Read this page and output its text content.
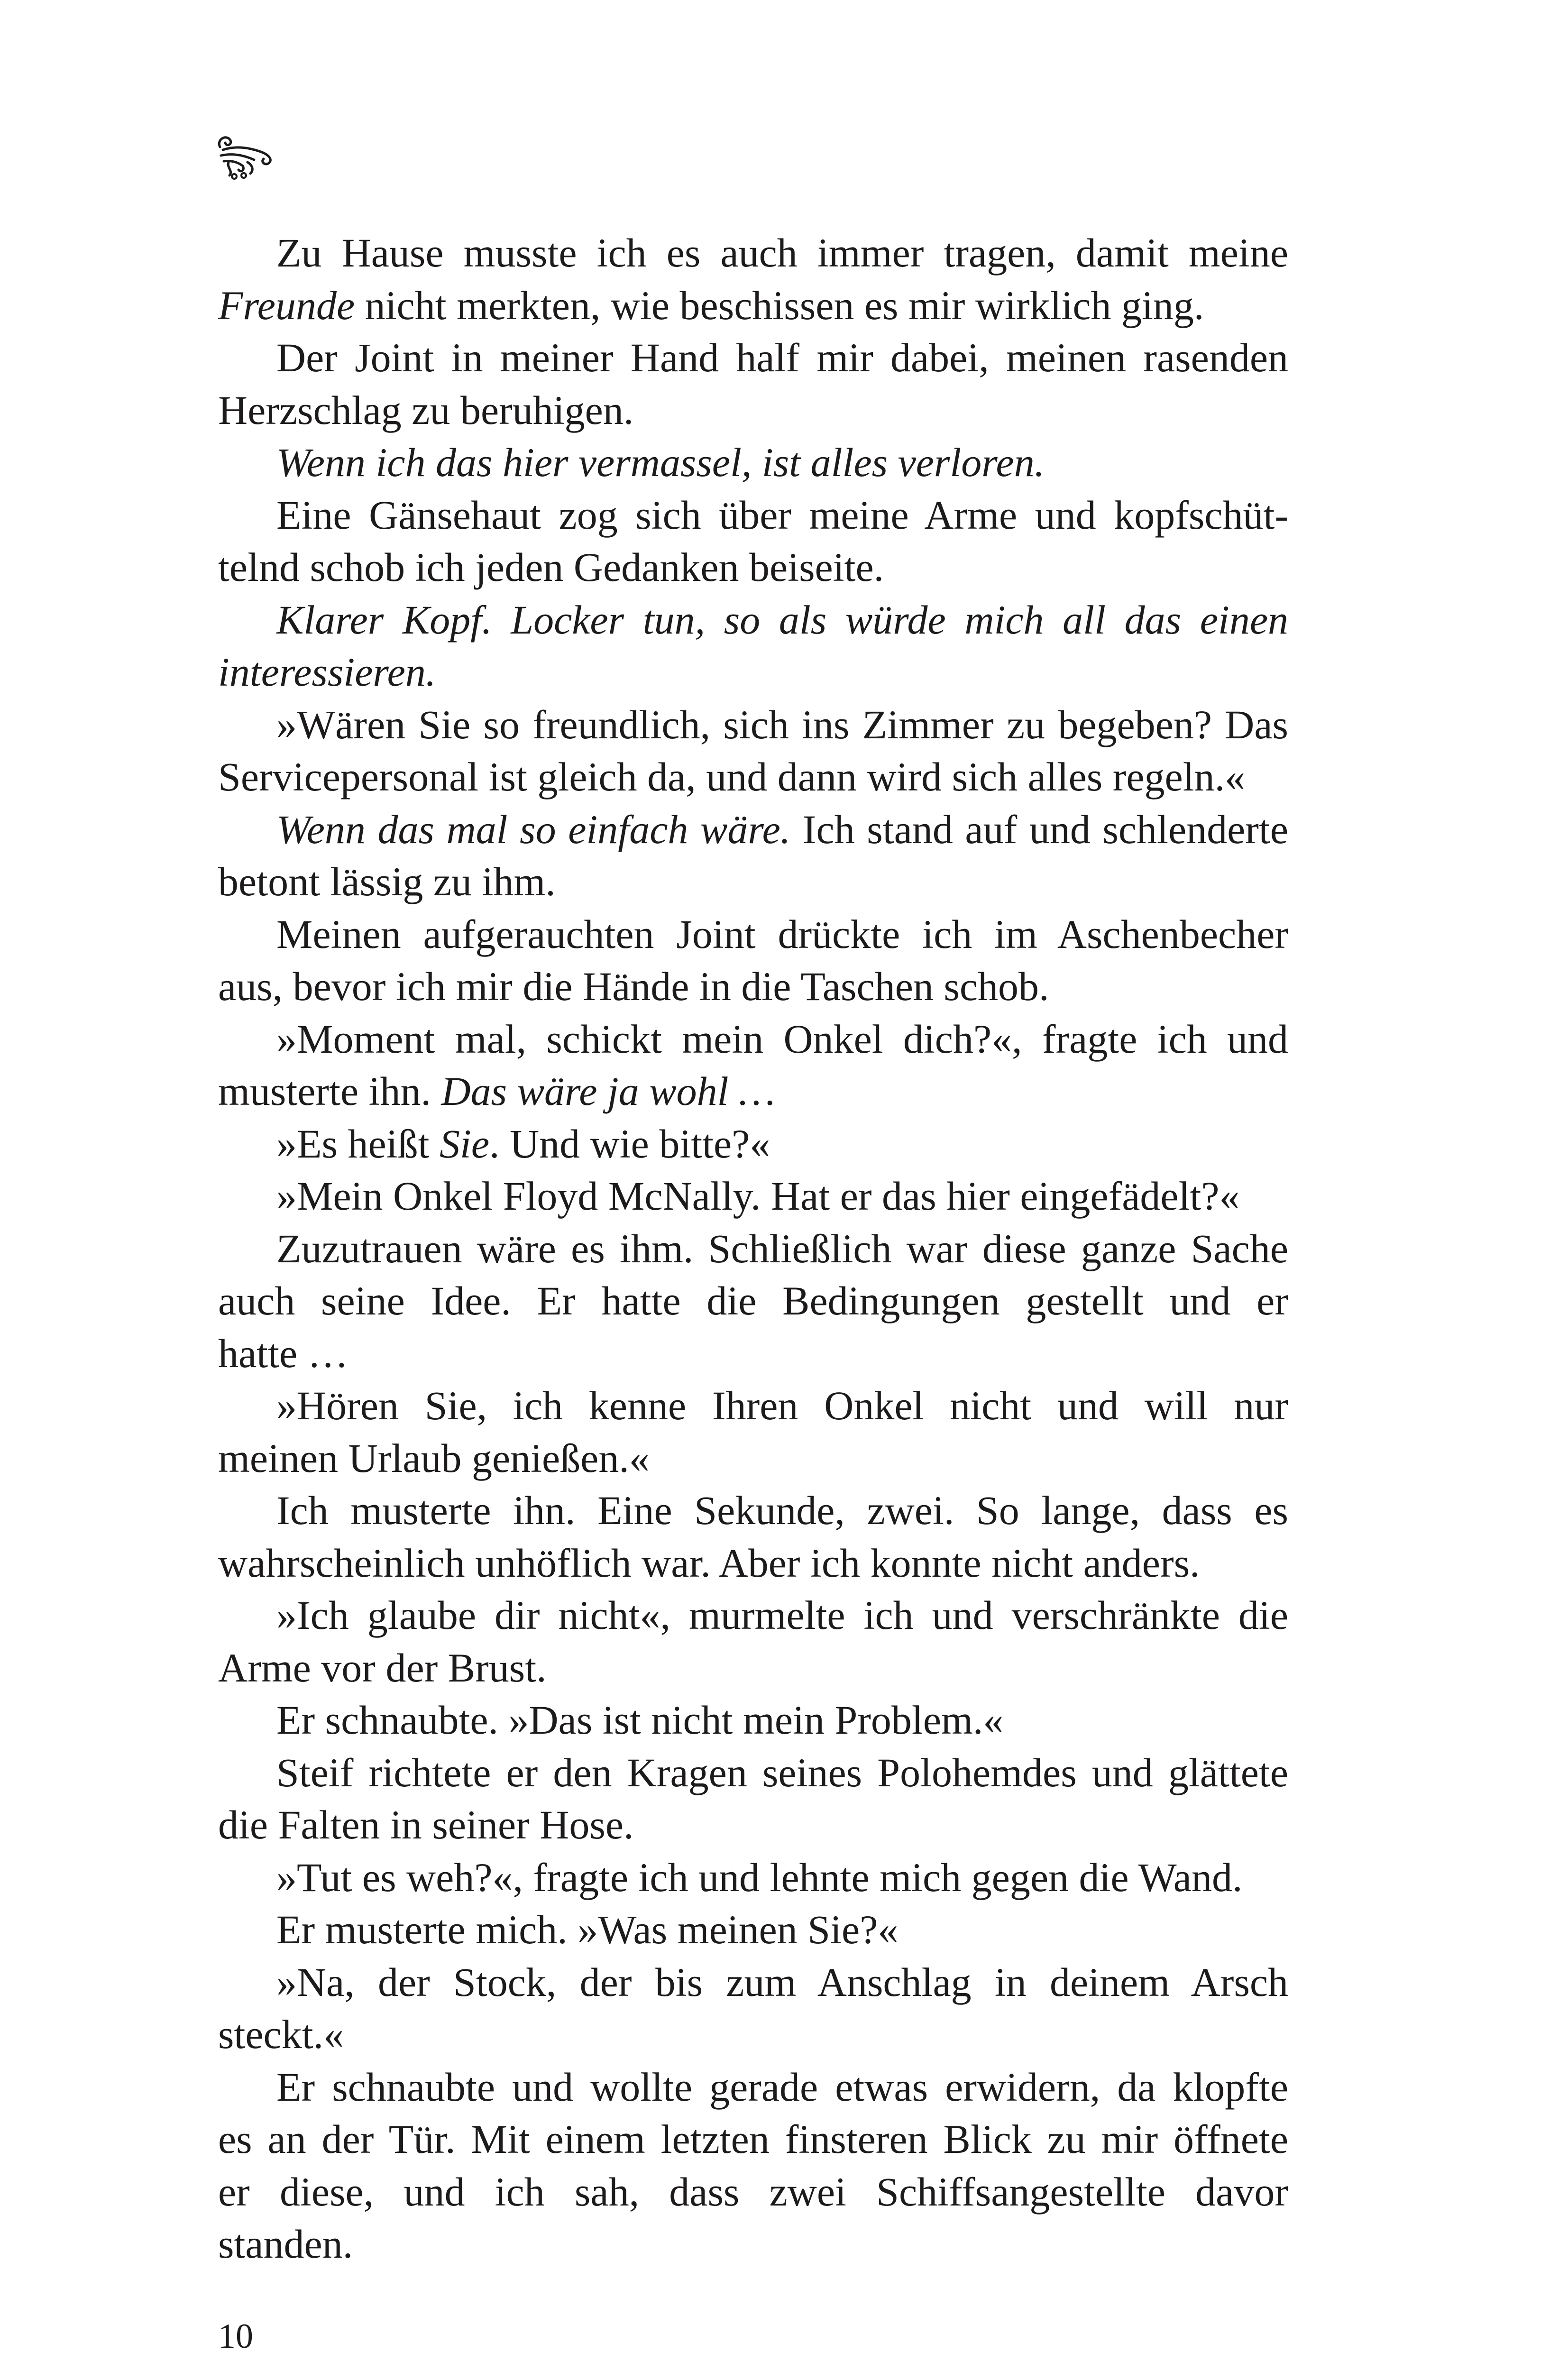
Zu Hause musste ich es auch immer tragen, damit meine
Freunde nicht merkten, wie beschissen es mir wirklich ging.
Der Joint in meiner Hand half mir dabei, meinen rasenden
Herzschlag zu beruhigen.
Wenn ich das hier vermassel, ist alles verloren.
Eine Gänsehaut zog sich über meine Arme und kopfschüt-
telnd schob ich jeden Gedanken beiseite.
Klarer Kopf. Locker tun, so als würde mich all das einen
interessieren.
»Wären Sie so freundlich, sich ins Zimmer zu begeben? Das
Servicepersonal ist gleich da, und dann wird sich alles regeln.«
Wenn das mal so einfach wäre. Ich stand auf und schlenderte
betont lässig zu ihm.
Meinen aufgerauchten Joint drückte ich im Aschenbecher
aus, bevor ich mir die Hände in die Taschen schob.
»Moment mal, schickt mein Onkel dich?«, fragte ich und
musterte ihn. Das wäre ja wohl …
»Es heißt Sie. Und wie bitte?«
»Mein Onkel Floyd McNally. Hat er das hier eingefädelt?«
Zuzutrauen wäre es ihm. Schließlich war diese ganze Sache
auch seine Idee. Er hatte die Bedingungen gestellt und er
hatte …
»Hören Sie, ich kenne Ihren Onkel nicht und will nur
meinen Urlaub genießen.«
Ich musterte ihn. Eine Sekunde, zwei. So lange, dass es
wahrscheinlich unhöflich war. Aber ich konnte nicht anders.
»Ich glaube dir nicht«, murmelte ich und verschränkte die
Arme vor der Brust.
Er schnaubte. »Das ist nicht mein Problem.«
Steif richtete er den Kragen seines Polohemdes und glättete
die Falten in seiner Hose.
»Tut es weh?«, fragte ich und lehnte mich gegen die Wand.
Er musterte mich. »Was meinen Sie?«
»Na, der Stock, der bis zum Anschlag in deinem Arsch
steckt.«
Er schnaubte und wollte gerade etwas erwidern, da klopfte
es an der Tür. Mit einem letzten finsteren Blick zu mir öffnete
er diese, und ich sah, dass zwei Schiffsangestellte davor
standen.
10
